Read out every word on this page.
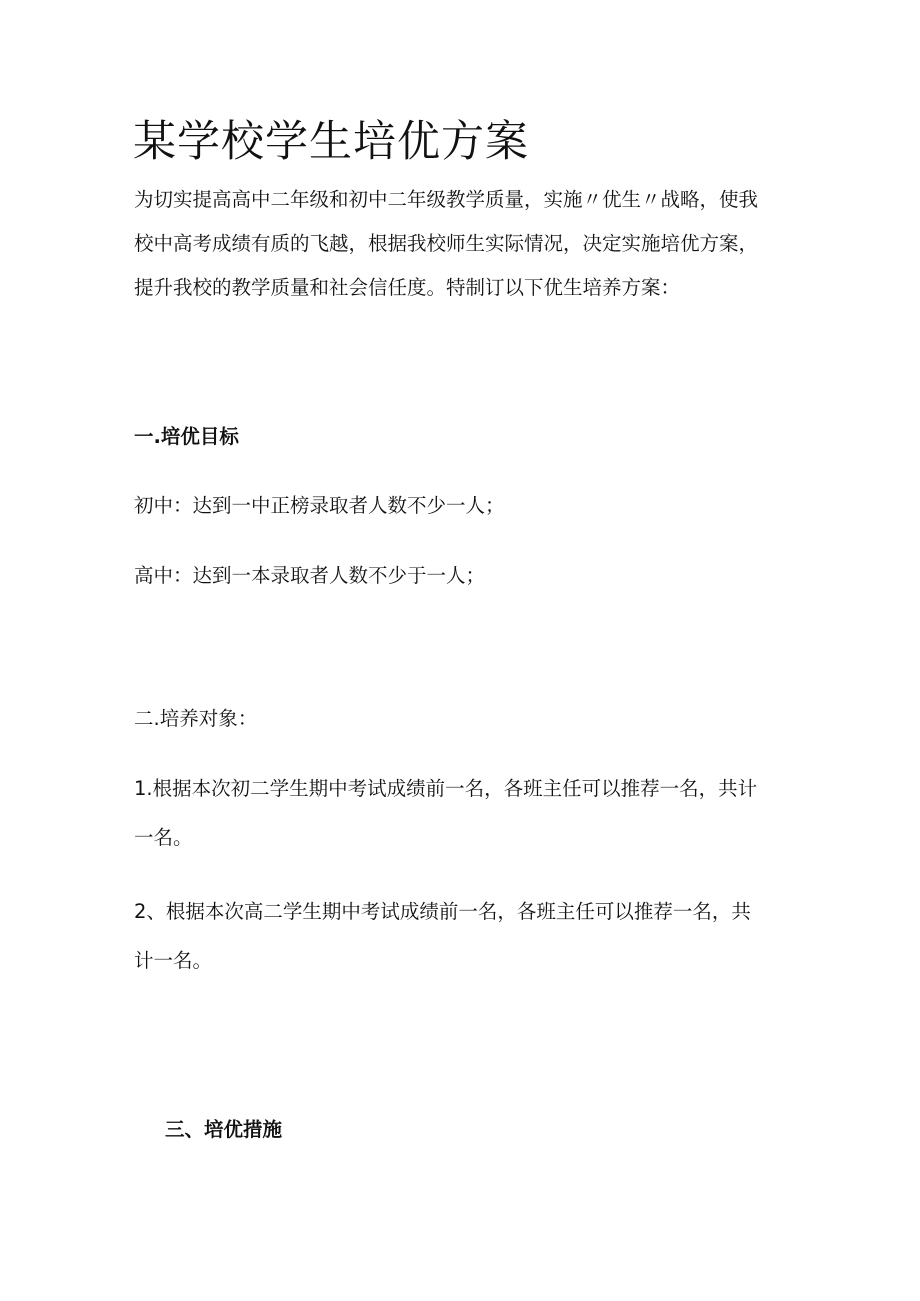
某学校学生培优方案

为切实提高高中二年级和初中二年级教学质量，实施〃优生〃战略，使我
校中高考成绩有质的飞越，根据我校师生实际情况，决定实施培优方案，
提升我校的教学质量和社会信任度。特制订以下优生培养方案：

一.培优目标

初中：达到一中正榜录取者人数不少一人；

高中：达到一本录取者人数不少于一人；

二.培养对象：

1.根据本次初二学生期中考试成绩前一名，各班主任可以推荐一名，共计

一名。

2、根据本次高二学生期中考试成绩前一名，各班主任可以推荐一名，共

计一名。

三、培优措施
